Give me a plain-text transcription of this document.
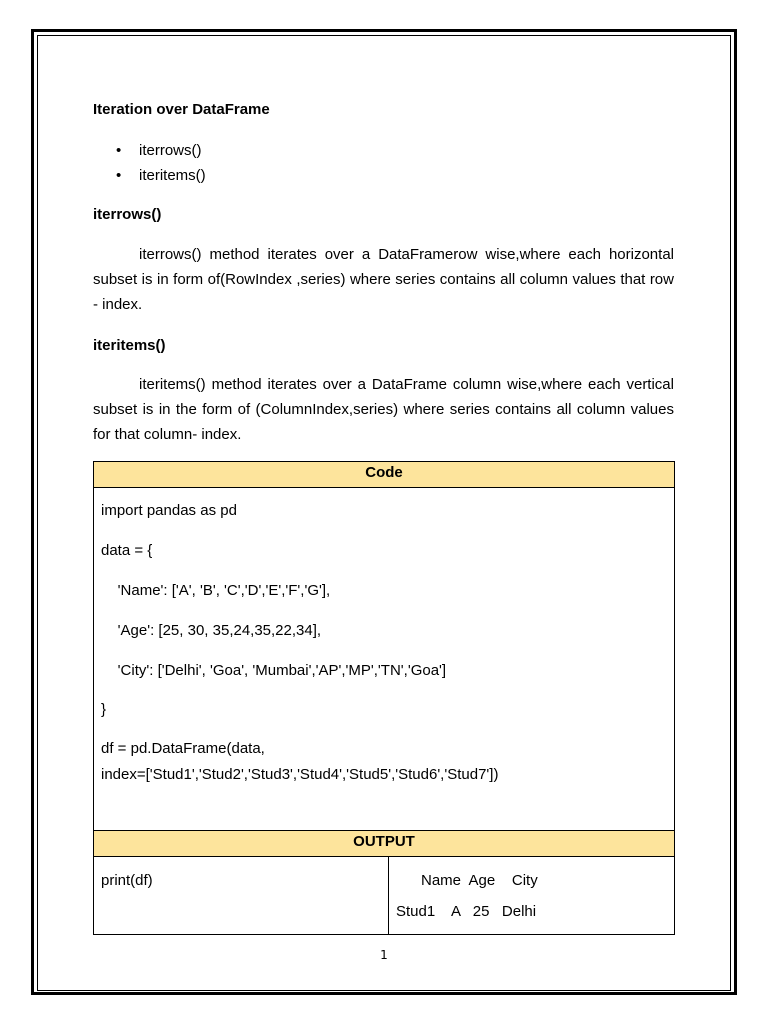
Iteration over DataFrame
• iterrows()
• iteritems()
iterrows()
iterrows() method iterates over a DataFramerow wise,where each horizontal subset is in form of(RowIndex ,series) where series contains all column values that row - index.
iteritems()
iteritems() method iterates over a DataFrame column wise,where each vertical subset is in the form of (ColumnIndex,series) where series contains all column values for that column- index.
Code

import pandas as pd
data = {
'Name': ['A', 'B', 'C','D','E','F','G'],
'Age': [25, 30, 35,24,35,22,34],
'City': ['Delhi', 'Goa', 'Mumbai','AP','MP','TN','Goa']
}
df = pd.DataFrame(data,
index=['Stud1','Stud2','Stud3','Stud4','Stud5','Stud6','Stud7'])

OUTPUT

print(df)	Name  Age    City
Stud1    A   25   Delhi
1
